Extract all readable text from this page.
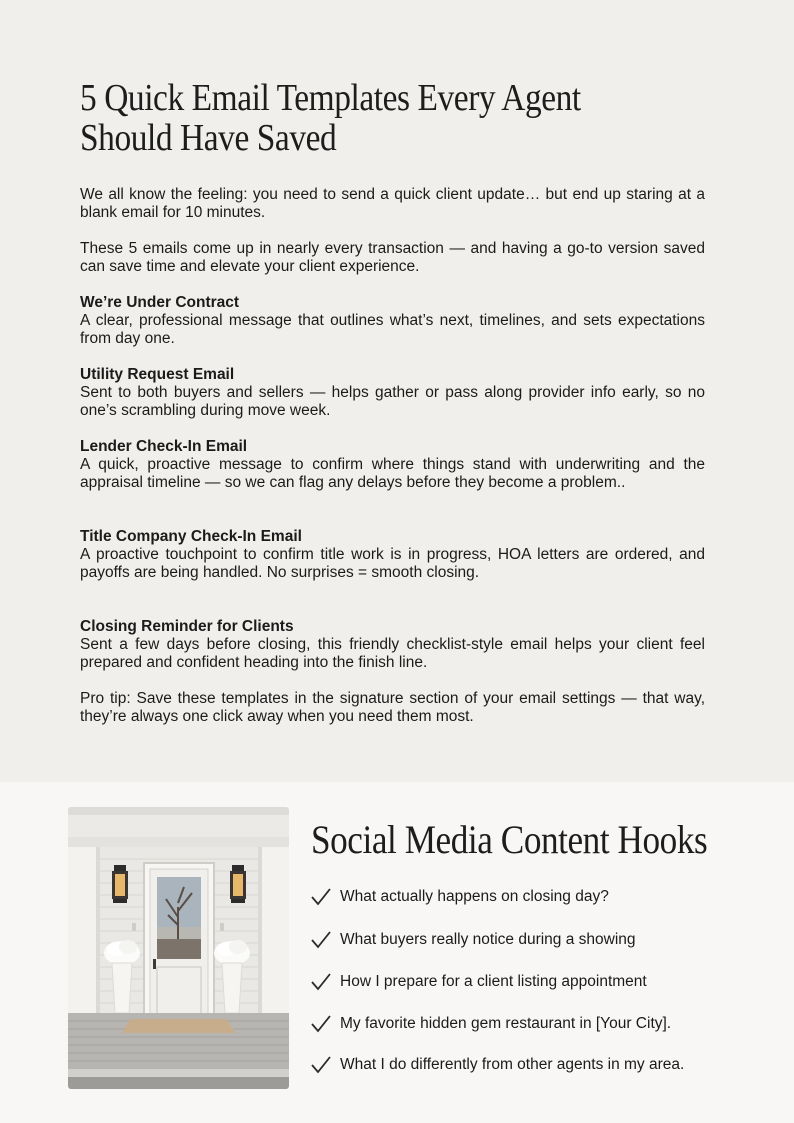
5 Quick Email Templates Every Agent Should Have Saved

We all know the feeling: you need to send a quick client update… but end up staring at a blank email for 10 minutes.

These 5 emails come up in nearly every transaction — and having a go-to version saved can save time and elevate your client experience.

We’re Under Contract

A clear, professional message that outlines what’s next, timelines, and sets expectations from day one.

Utility Request Email

Sent to both buyers and sellers — helps gather or pass along provider info early, so no one’s scrambling during move week.

Lender Check-In Email

A quick, proactive message to confirm where things stand with underwriting and the appraisal timeline — so we can flag any delays before they become a problem..

Title Company Check-In Email

A proactive touchpoint to confirm title work is in progress, HOA letters are ordered, and payoffs are being handled. No surprises = smooth closing.

Closing Reminder for Clients

Sent a few days before closing, this friendly checklist-style email helps your client feel prepared and confident heading into the finish line.

Pro tip: Save these templates in the signature section of your email settings — that way, they’re always one click away when you need them most.

Social Media Content Hooks
What actually happens on closing day?
What buyers really notice during a showing
How I prepare for a client listing appointment
My favorite hidden gem restaurant in [Your City].
What I do differently from other agents in my area.
